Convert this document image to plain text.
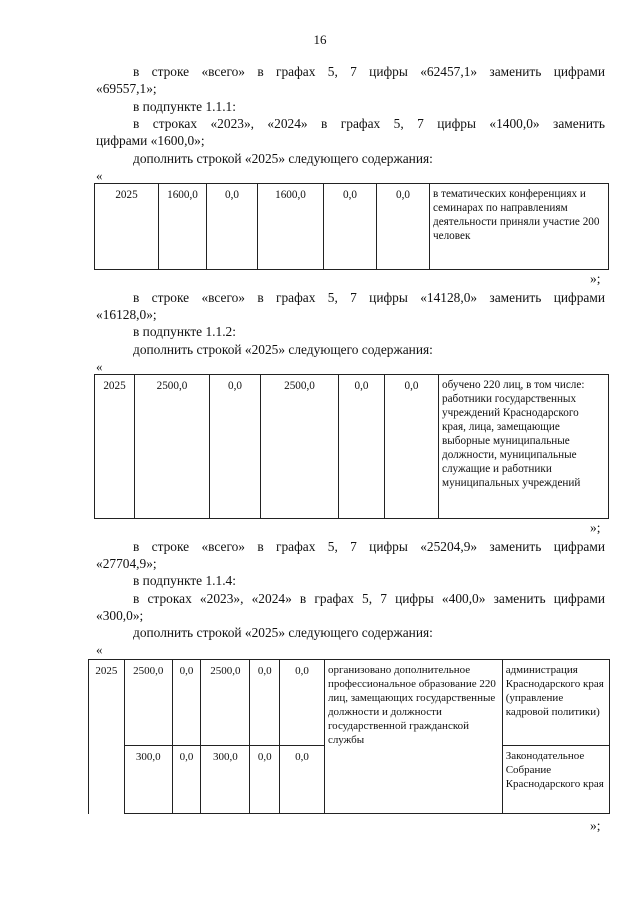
16
в строке «всего» в графах 5, 7 цифры «62457,1» заменить цифрами
«69557,1»;
в подпункте 1.1.1:
в строках «2023», «2024» в графах 5, 7 цифры «1400,0» заменить
цифрами «1600,0»;
дополнить строкой «2025» следующего содержания:
«
2025	1600,0	0,0	1600,0	0,0	0,0	в тематических конференциях и семинарах по направлениям деятельности приняли участие 200 человек
»;
в строке «всего» в графах 5, 7 цифры «14128,0» заменить цифрами
«16128,0»;
в подпункте 1.1.2:
дополнить строкой «2025» следующего содержания:
«
2025	2500,0	0,0	2500,0	0,0	0,0	обучено 220 лиц, в том числе: работники государственных учреждений Краснодарского края, лица, замещающие выборные муниципальные должности, муниципальные служащие и работники муниципальных учреждений
»;
в строке «всего» в графах 5, 7 цифры «25204,9» заменить цифрами
«27704,9»;
в подпункте 1.1.4:
в строках «2023», «2024» в графах 5, 7 цифры «400,0» заменить цифрами
«300,0»;
дополнить строкой «2025» следующего содержания:
«
2025	2500,0	0,0	2500,0	0,0	0,0	организовано дополнительное профессиональное образование 220 лиц, замещающих государственные должности и должности государственной гражданской службы	администрация Краснодарского края (управление кадровой политики)
	300,0	0,0	300,0	0,0	0,0		Законодательное Собрание Краснодарского края
»;
